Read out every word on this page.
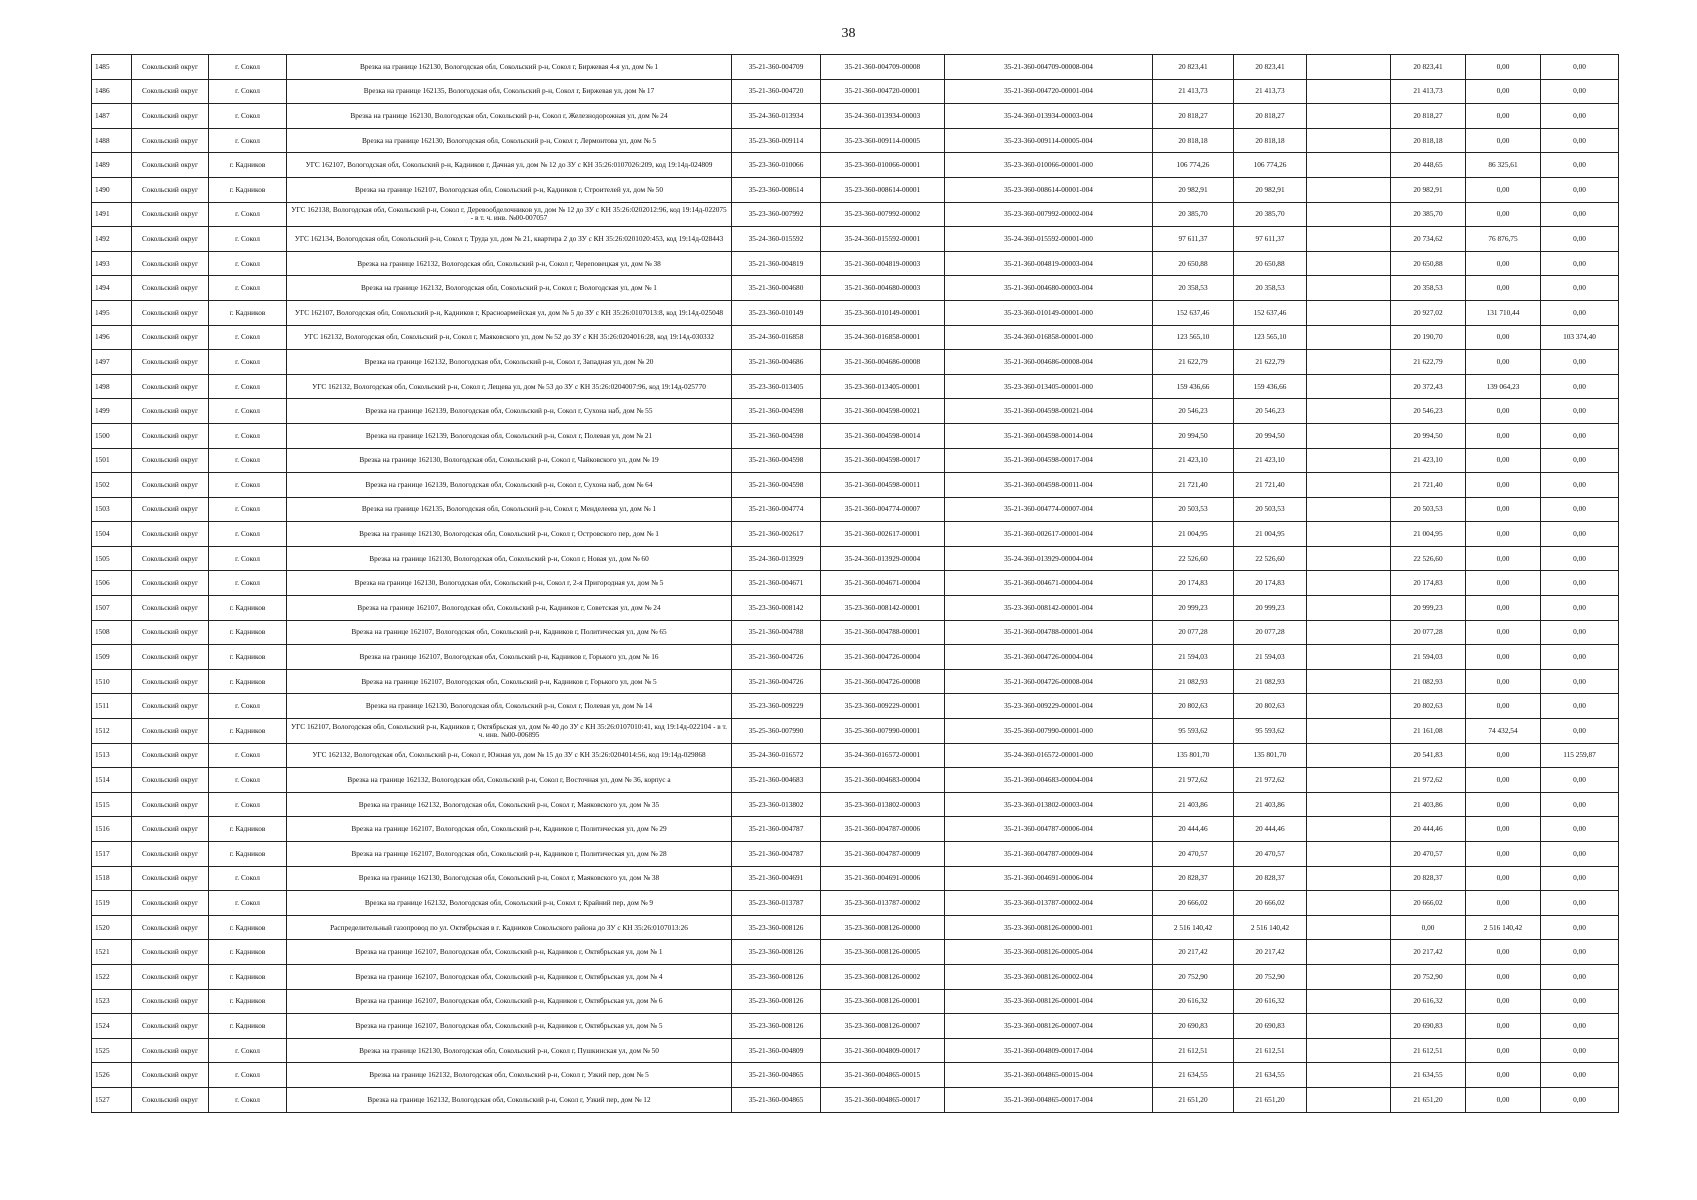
38
1485	Сокольский округ	г. Сокол	Врезка на границе 162130, Вологодская обл, Сокольский р-н, Сокол г, Биржевая 4-я ул, дом № 1	35-21-360-004709	35-21-360-004709-00008	35-21-360-004709-00008-004	20 823,41	20 823,41		20 823,41	0,00	0,00
1486	Сокольский округ	г. Сокол	Врезка на границе 162135, Вологодская обл, Сокольский р-н, Сокол г, Биржевая ул, дом № 17	35-21-360-004720	35-21-360-004720-00001	35-21-360-004720-00001-004	21 413,73	21 413,73		21 413,73	0,00	0,00
1487	Сокольский округ	г. Сокол	Врезка на границе 162130, Вологодская обл, Сокольский р-н, Сокол г, Железнодорожная ул, дом № 24	35-24-360-013934	35-24-360-013934-00003	35-24-360-013934-00003-004	20 818,27	20 818,27		20 818,27	0,00	0,00
1488	Сокольский округ	г. Сокол	Врезка на границе 162130, Вологодская обл, Сокольский р-н, Сокол г, Лермонтова ул, дом № 5	35-23-360-009114	35-23-360-009114-00005	35-23-360-009114-00005-004	20 818,18	20 818,18		20 818,18	0,00	0,00
1489	Сокольский округ	г. Кадников	УГС 162107, Вологодская обл, Сокольский р-н, Кадников г, Дачная ул, дом № 12 до ЗУ с КН 35:26:0107026:209, код 19:14д-024809	35-23-360-010066	35-23-360-010066-00001	35-23-360-010066-00001-000	106 774,26	106 774,26		20 448,65	86 325,61	0,00
1490	Сокольский округ	г. Кадников	Врезка на границе 162107, Вологодская обл, Сокольский р-н, Кадников г, Строителей ул, дом № 50	35-23-360-008614	35-23-360-008614-00001	35-23-360-008614-00001-004	20 982,91	20 982,91		20 982,91	0,00	0,00
1491	Сокольский округ	г. Сокол	УГС 162138, Вологодская обл, Сокольский р-н, Сокол г, Деревообделочников ул, дом № 12 до ЗУ с КН 35:26:0202012:96, код 19:14д-022075 - в т. ч. инв. №00-007057	35-23-360-007992	35-23-360-007992-00002	35-23-360-007992-00002-004	20 385,70	20 385,70		20 385,70	0,00	0,00
1492	Сокольский округ	г. Сокол	УГС 162134, Вологодская обл, Сокольский р-н, Сокол г, Труда ул, дом № 21, квартира 2 до ЗУ с КН 35:26:0201020:453, код 19:14д-028443	35-24-360-015592	35-24-360-015592-00001	35-24-360-015592-00001-000	97 611,37	97 611,37		20 734,62	76 876,75	0,00
1493	Сокольский округ	г. Сокол	Врезка на границе 162132, Вологодская обл, Сокольский р-н, Сокол г, Череповецкая ул, дом № 38	35-21-360-004819	35-21-360-004819-00003	35-21-360-004819-00003-004	20 650,88	20 650,88		20 650,88	0,00	0,00
1494	Сокольский округ	г. Сокол	Врезка на границе 162132, Вологодская обл, Сокольский р-н, Сокол г, Вологодская ул, дом № 1	35-21-360-004680	35-21-360-004680-00003	35-21-360-004680-00003-004	20 358,53	20 358,53		20 358,53	0,00	0,00
1495	Сокольский округ	г. Кадников	УГС 162107, Вологодская обл, Сокольский р-н, Кадников г, Красноармейская ул, дом № 5 до ЗУ с КН 35:26:0107013:8, код 19:14д-025048	35-23-360-010149	35-23-360-010149-00001	35-23-360-010149-00001-000	152 637,46	152 637,46		20 927,02	131 710,44	0,00
1496	Сокольский округ	г. Сокол	УГС 162132, Вологодская обл, Сокольский р-н, Сокол г, Маяковского ул, дом № 52 до ЗУ с КН 35:26:0204016:28, код 19:14д-030332	35-24-360-016858	35-24-360-016858-00001	35-24-360-016858-00001-000	123 565,10	123 565,10		20 190,70	0,00	103 374,40
1497	Сокольский округ	г. Сокол	Врезка на границе 162132, Вологодская обл, Сокольский р-н, Сокол г, Западная ул, дом № 20	35-21-360-004686	35-21-360-004686-00008	35-21-360-004686-00008-004	21 622,79	21 622,79		21 622,79	0,00	0,00
1498	Сокольский округ	г. Сокол	УГС 162132, Вологодская обл, Сокольский р-н, Сокол г, Лещева ул, дом № 53 до ЗУ с КН 35:26:0204007:96, код 19:14д-025770	35-23-360-013405	35-23-360-013405-00001	35-23-360-013405-00001-000	159 436,66	159 436,66		20 372,43	139 064,23	0,00
1499	Сокольский округ	г. Сокол	Врезка на границе 162139, Вологодская обл, Сокольский р-н, Сокол г, Сухона наб, дом № 55	35-21-360-004598	35-21-360-004598-00021	35-21-360-004598-00021-004	20 546,23	20 546,23		20 546,23	0,00	0,00
1500	Сокольский округ	г. Сокол	Врезка на границе 162139, Вологодская обл, Сокольский р-н, Сокол г, Полевая ул, дом № 21	35-21-360-004598	35-21-360-004598-00014	35-21-360-004598-00014-004	20 994,50	20 994,50		20 994,50	0,00	0,00
1501	Сокольский округ	г. Сокол	Врезка на границе 162130, Вологодская обл, Сокольский р-н, Сокол г, Чайковского ул, дом № 19	35-21-360-004598	35-21-360-004598-00017	35-21-360-004598-00017-004	21 423,10	21 423,10		21 423,10	0,00	0,00
1502	Сокольский округ	г. Сокол	Врезка на границе 162139, Вологодская обл, Сокольский р-н, Сокол г, Сухона наб, дом № 64	35-21-360-004598	35-21-360-004598-00011	35-21-360-004598-00011-004	21 721,40	21 721,40		21 721,40	0,00	0,00
1503	Сокольский округ	г. Сокол	Врезка на границе 162135, Вологодская обл, Сокольский р-н, Сокол г, Менделеева ул, дом № 1	35-21-360-004774	35-21-360-004774-00007	35-21-360-004774-00007-004	20 503,53	20 503,53		20 503,53	0,00	0,00
1504	Сокольский округ	г. Сокол	Врезка на границе 162130, Вологодская обл, Сокольский р-н, Сокол г, Островского пер, дом № 1	35-21-360-002617	35-21-360-002617-00001	35-21-360-002617-00001-004	21 004,95	21 004,95		21 004,95	0,00	0,00
1505	Сокольский округ	г. Сокол	Врезка на границе 162130, Вологодская обл, Сокольский р-н, Сокол г, Новая ул, дом № 60	35-24-360-013929	35-24-360-013929-00004	35-24-360-013929-00004-004	22 526,60	22 526,60		22 526,60	0,00	0,00
1506	Сокольский округ	г. Сокол	Врезка на границе 162130, Вологодская обл, Сокольский р-н, Сокол г, 2-я Пригородная ул, дом № 5	35-21-360-004671	35-21-360-004671-00004	35-21-360-004671-00004-004	20 174,83	20 174,83		20 174,83	0,00	0,00
1507	Сокольский округ	г. Кадников	Врезка на границе 162107, Вологодская обл, Сокольский р-н, Кадников г, Советская ул, дом № 24	35-23-360-008142	35-23-360-008142-00001	35-23-360-008142-00001-004	20 999,23	20 999,23		20 999,23	0,00	0,00
1508	Сокольский округ	г. Кадников	Врезка на границе 162107, Вологодская обл, Сокольский р-н, Кадников г, Политическая ул, дом № 65	35-21-360-004788	35-21-360-004788-00001	35-21-360-004788-00001-004	20 077,28	20 077,28		20 077,28	0,00	0,00
1509	Сокольский округ	г. Кадников	Врезка на границе 162107, Вологодская обл, Сокольский р-н, Кадников г, Горького ул, дом № 16	35-21-360-004726	35-21-360-004726-00004	35-21-360-004726-00004-004	21 594,03	21 594,03		21 594,03	0,00	0,00
1510	Сокольский округ	г. Кадников	Врезка на границе 162107, Вологодская обл, Сокольский р-н, Кадников г, Горького ул, дом № 5	35-21-360-004726	35-21-360-004726-00008	35-21-360-004726-00008-004	21 082,93	21 082,93		21 082,93	0,00	0,00
1511	Сокольский округ	г. Сокол	Врезка на границе 162130, Вологодская обл, Сокольский р-н, Сокол г, Полевая ул, дом № 14	35-23-360-009229	35-23-360-009229-00001	35-23-360-009229-00001-004	20 802,63	20 802,63		20 802,63	0,00	0,00
1512	Сокольский округ	г. Кадников	УГС 162107, Вологодская обл, Сокольский р-н, Кадников г, Октябрьская ул, дом № 40 до ЗУ с КН 35:26:0107010:41, код 19:14д-022104 - в т. ч. инв. №00-006895	35-25-360-007990	35-25-360-007990-00001	35-25-360-007990-00001-000	95 593,62	95 593,62		21 161,08	74 432,54	0,00
1513	Сокольский округ	г. Сокол	УГС 162132, Вологодская обл, Сокольский р-н, Сокол г, Южная ул, дом № 15 до ЗУ с КН 35:26:0204014:56, код 19:14д-029868	35-24-360-016572	35-24-360-016572-00001	35-24-360-016572-00001-000	135 801,70	135 801,70		20 541,83	0,00	115 259,87
1514	Сокольский округ	г. Сокол	Врезка на границе 162132, Вологодская обл, Сокольский р-н, Сокол г, Восточная ул, дом № 36, корпус а	35-21-360-004683	35-21-360-004683-00004	35-21-360-004683-00004-004	21 972,62	21 972,62		21 972,62	0,00	0,00
1515	Сокольский округ	г. Сокол	Врезка на границе 162132, Вологодская обл, Сокольский р-н, Сокол г, Маяковского ул, дом № 35	35-23-360-013802	35-23-360-013802-00003	35-23-360-013802-00003-004	21 403,86	21 403,86		21 403,86	0,00	0,00
1516	Сокольский округ	г. Кадников	Врезка на границе 162107, Вологодская обл, Сокольский р-н, Кадников г, Политическая ул, дом № 29	35-21-360-004787	35-21-360-004787-00006	35-21-360-004787-00006-004	20 444,46	20 444,46		20 444,46	0,00	0,00
1517	Сокольский округ	г. Кадников	Врезка на границе 162107, Вологодская обл, Сокольский р-н, Кадников г, Политическая ул, дом № 28	35-21-360-004787	35-21-360-004787-00009	35-21-360-004787-00009-004	20 470,57	20 470,57		20 470,57	0,00	0,00
1518	Сокольский округ	г. Сокол	Врезка на границе 162130, Вологодская обл, Сокольский р-н, Сокол г, Маяковского ул, дом № 38	35-21-360-004691	35-21-360-004691-00006	35-21-360-004691-00006-004	20 828,37	20 828,37		20 828,37	0,00	0,00
1519	Сокольский округ	г. Сокол	Врезка на границе 162132, Вологодская обл, Сокольский р-н, Сокол г, Крайний пер, дом № 9	35-23-360-013787	35-23-360-013787-00002	35-23-360-013787-00002-004	20 666,02	20 666,02		20 666,02	0,00	0,00
1520	Сокольский округ	г. Кадников	Распределительный газопровод по ул. Октябрьская в г. Кадников Сокольского района до ЗУ с КН 35:26:0107013:26	35-23-360-008126	35-23-360-008126-00000	35-23-360-008126-00000-001	2 516 140,42	2 516 140,42		0,00	2 516 140,42	0,00
1521	Сокольский округ	г. Кадников	Врезка на границе 162107, Вологодская обл, Сокольский р-н, Кадников г, Октябрьская ул, дом № 1	35-23-360-008126	35-23-360-008126-00005	35-23-360-008126-00005-004	20 217,42	20 217,42		20 217,42	0,00	0,00
1522	Сокольский округ	г. Кадников	Врезка на границе 162107, Вологодская обл, Сокольский р-н, Кадников г, Октябрьская ул, дом № 4	35-23-360-008126	35-23-360-008126-00002	35-23-360-008126-00002-004	20 752,90	20 752,90		20 752,90	0,00	0,00
1523	Сокольский округ	г. Кадников	Врезка на границе 162107, Вологодская обл, Сокольский р-н, Кадников г, Октябрьская ул, дом № 6	35-23-360-008126	35-23-360-008126-00001	35-23-360-008126-00001-004	20 616,32	20 616,32		20 616,32	0,00	0,00
1524	Сокольский округ	г. Кадников	Врезка на границе 162107, Вологодская обл, Сокольский р-н, Кадников г, Октябрьская ул, дом № 5	35-23-360-008126	35-23-360-008126-00007	35-23-360-008126-00007-004	20 690,83	20 690,83		20 690,83	0,00	0,00
1525	Сокольский округ	г. Сокол	Врезка на границе 162130, Вологодская обл, Сокольский р-н, Сокол г, Пушкинская ул, дом № 50	35-21-360-004809	35-21-360-004809-00017	35-21-360-004809-00017-004	21 612,51	21 612,51		21 612,51	0,00	0,00
1526	Сокольский округ	г. Сокол	Врезка на границе 162132, Вологодская обл, Сокольский р-н, Сокол г, Узкий пер, дом № 5	35-21-360-004865	35-21-360-004865-00015	35-21-360-004865-00015-004	21 634,55	21 634,55		21 634,55	0,00	0,00
1527	Сокольский округ	г. Сокол	Врезка на границе 162132, Вологодская обл, Сокольский р-н, Сокол г, Узкий пер, дом № 12	35-21-360-004865	35-21-360-004865-00017	35-21-360-004865-00017-004	21 651,20	21 651,20		21 651,20	0,00	0,00
